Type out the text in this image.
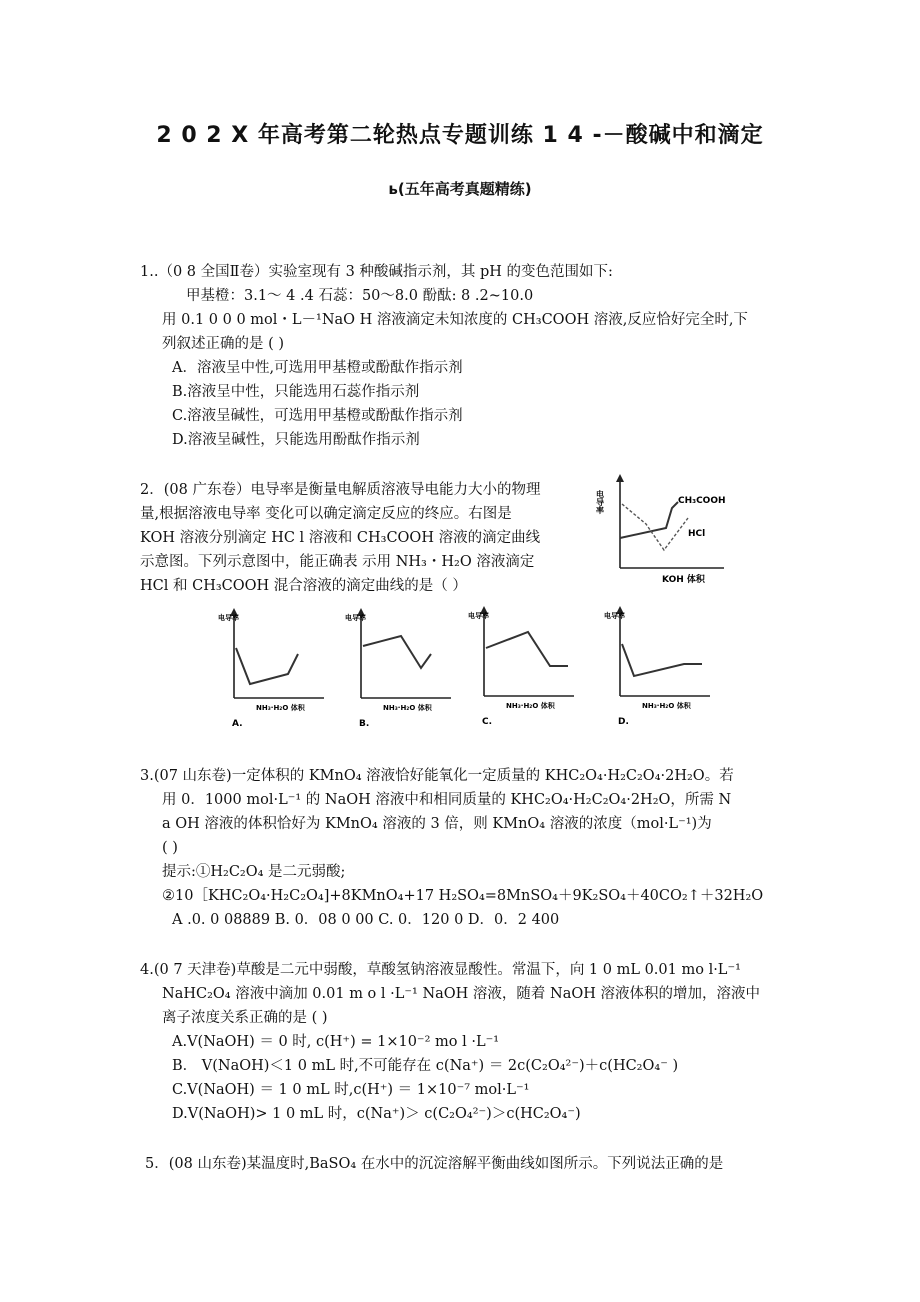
2 0 2 X 年高考第二轮热点专题训练 1 4 -－酸碱中和滴定
ь(五年高考真题精练)
1..（0 8 全国Ⅱ卷）实验室现有 3 种酸碱指示剂，其 pH 的变色范围如下:
甲基橙：3.1～ 4 .4 石蕊：50～8.0 酚酞: 8 .2~10.0
用 0.1 0 0 0 mol・L－¹NaO H 溶液滴定未知浓度的 CH₃COOH 溶液,反应恰好完全时,下
列叙述正确的是 ( )
A．溶液呈中性,可选用甲基橙或酚酞作指示剂
B.溶液呈中性，只能选用石蕊作指示剂
C.溶液呈碱性，可选用甲基橙或酚酞作指示剂
D.溶液呈碱性，只能选用酚酞作指示剂
2．(08 广东卷）电导率是衡量电解质溶液导电能力大小的物理
量,根据溶液电导率 变化可以确定滴定反应的终应。右图是
KOH 溶液分别滴定 HC l 溶液和 CH₃COOH 溶液的滴定曲线
示意图。下列示意图中，能正确表 示用 NH₃・H₂O 溶液滴定
HCl 和 CH₃COOH 混合溶液的滴定曲线的是（ ）
电导率	CH₃COOH
HCl
KOH 体积
电导率
NH₃·H₂O 体积
A.
电导率
NH₃·H₂O 体积
B.
电导率
NH₃·H₂O 体积
C.
电导率
NH₃·H₂O 体积
D.
3.(07 山东卷)一定体积的 KMnO₄ 溶液恰好能氧化一定质量的 KHC₂O₄·H₂C₂O₄·2H₂O。若
用 0．1000 mol·L⁻¹ 的 NaOH 溶液中和相同质量的 KHC₂O₄·H₂C₂O₄·2H₂O，所需 N
a OH 溶液的体积恰好为 KMnO₄ 溶液的 3 倍，则 KMnO₄ 溶液的浓度（mol·L⁻¹)为
( )
提示:①H₂C₂O₄ 是二元弱酸;
②10［KHC₂O₄·H₂C₂O₄]+8KMnO₄+17 H₂SO₄=8MnSO₄＋9K₂SO₄＋40CO₂↑＋32H₂O
A .0. 0 08889 B. 0．08 0 00 C. 0．120 0 D．0．2 400
4.(0 7 天津卷)草酸是二元中弱酸，草酸氢钠溶液显酸性。常温下，向 1 0 mL 0.01 mo l·L⁻¹
NaHC₂O₄ 溶液中滴加 0.01 m o l ·L⁻¹ NaOH 溶液，随着 NaOH 溶液体积的增加，溶液中
离子浓度关系正确的是 ( )
A.V(NaOH) ＝ 0 时, c(H⁺) = 1×10⁻² mo l ·L⁻¹
B． V(NaOH)＜1 0 mL 时,不可能存在 c(Na⁺) ＝ 2c(C₂O₄²⁻)＋c(HC₂O₄⁻ )
C.V(NaOH) ＝ 1 0 mL 时,c(H⁺) ＝ 1×10⁻⁷ mol·L⁻¹
D.V(NaOH)> 1 0 mL 时，c(Na⁺)＞ c(C₂O₄²⁻)＞c(HC₂O₄⁻)
5．(08 山东卷)某温度时,BaSO₄ 在水中的沉淀溶解平衡曲线如图所示。下列说法正确的是
